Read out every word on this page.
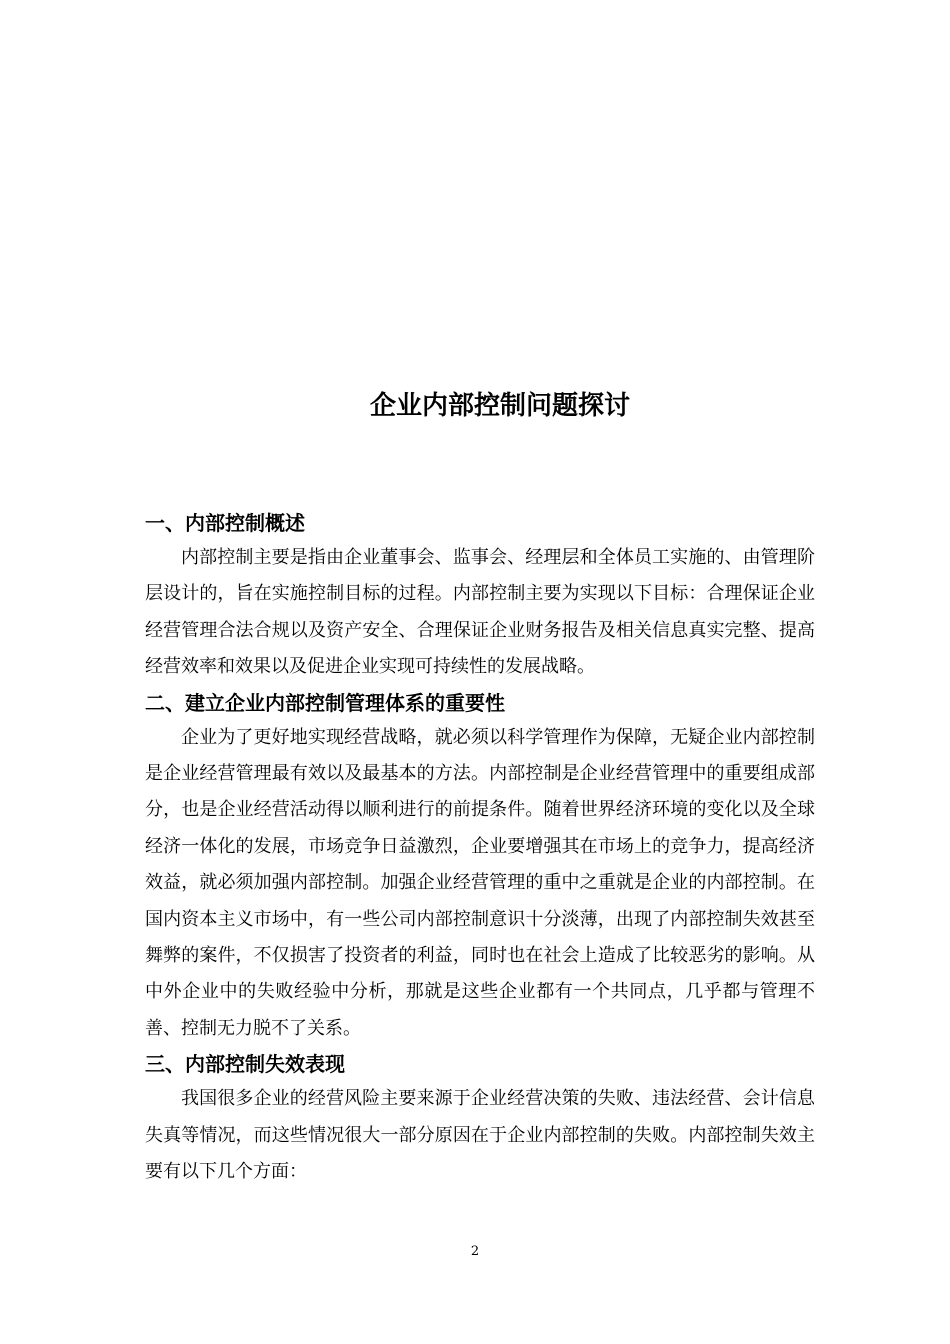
企业内部控制问题探讨
一、内部控制概述

内部控制主要是指由企业董事会、监事会、经理层和全体员工实施的、由管理阶层设计的，旨在实施控制目标的过程。内部控制主要为实现以下目标：合理保证企业经营管理合法合规以及资产安全、合理保证企业财务报告及相关信息真实完整、提高经营效率和效果以及促进企业实现可持续性的发展战略。

二、建立企业内部控制管理体系的重要性

企业为了更好地实现经营战略，就必须以科学管理作为保障，无疑企业内部控制是企业经营管理最有效以及最基本的方法。内部控制是企业经营管理中的重要组成部分，也是企业经营活动得以顺利进行的前提条件。随着世界经济环境的变化以及全球经济一体化的发展，市场竞争日益激烈，企业要增强其在市场上的竞争力，提高经济效益，就必须加强内部控制。加强企业经营管理的重中之重就是企业的内部控制。在国内资本主义市场中，有一些公司内部控制意识十分淡薄，出现了内部控制失效甚至舞弊的案件，不仅损害了投资者的利益，同时也在社会上造成了比较恶劣的影响。从中外企业中的失败经验中分析，那就是这些企业都有一个共同点，几乎都与管理不善、控制无力脱不了关系。

三、内部控制失效表现

我国很多企业的经营风险主要来源于企业经营决策的失败、违法经营、会计信息失真等情况，而这些情况很大一部分原因在于企业内部控制的失败。内部控制失效主要有以下几个方面：

2
